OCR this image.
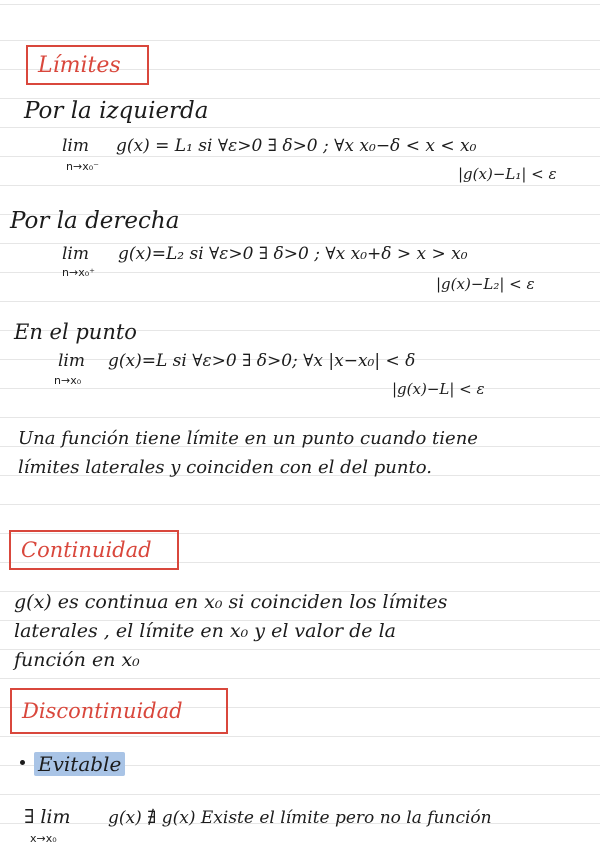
Límites
Por la izquierda
lim
n→x₀⁻
g(x) = L₁ si ∀ε>0 ∃ δ>0 ; ∀x x₀−δ < x < x₀
|g(x)−L₁| < ε
Por la derecha
lim
n→x₀⁺
g(x)=L₂ si ∀ε>0 ∃ δ>0 ; ∀x x₀+δ > x > x₀
|g(x)−L₂| < ε
En el punto
lim
n→x₀
g(x)=L si ∀ε>0 ∃ δ>0; ∀x |x−x₀| < δ
|g(x)−L| < ε
Una función tiene límite en un punto cuando tiene
límites laterales y coinciden con el del punto.
Continuidad
g(x) es continua en x₀ si coinciden los límites
laterales , el límite en x₀ y el valor de la
función en x₀
Discontinuidad
Evitable
∃ lim
x→x₀
g(x) ∄ g(x) Existe el límite pero no la función
